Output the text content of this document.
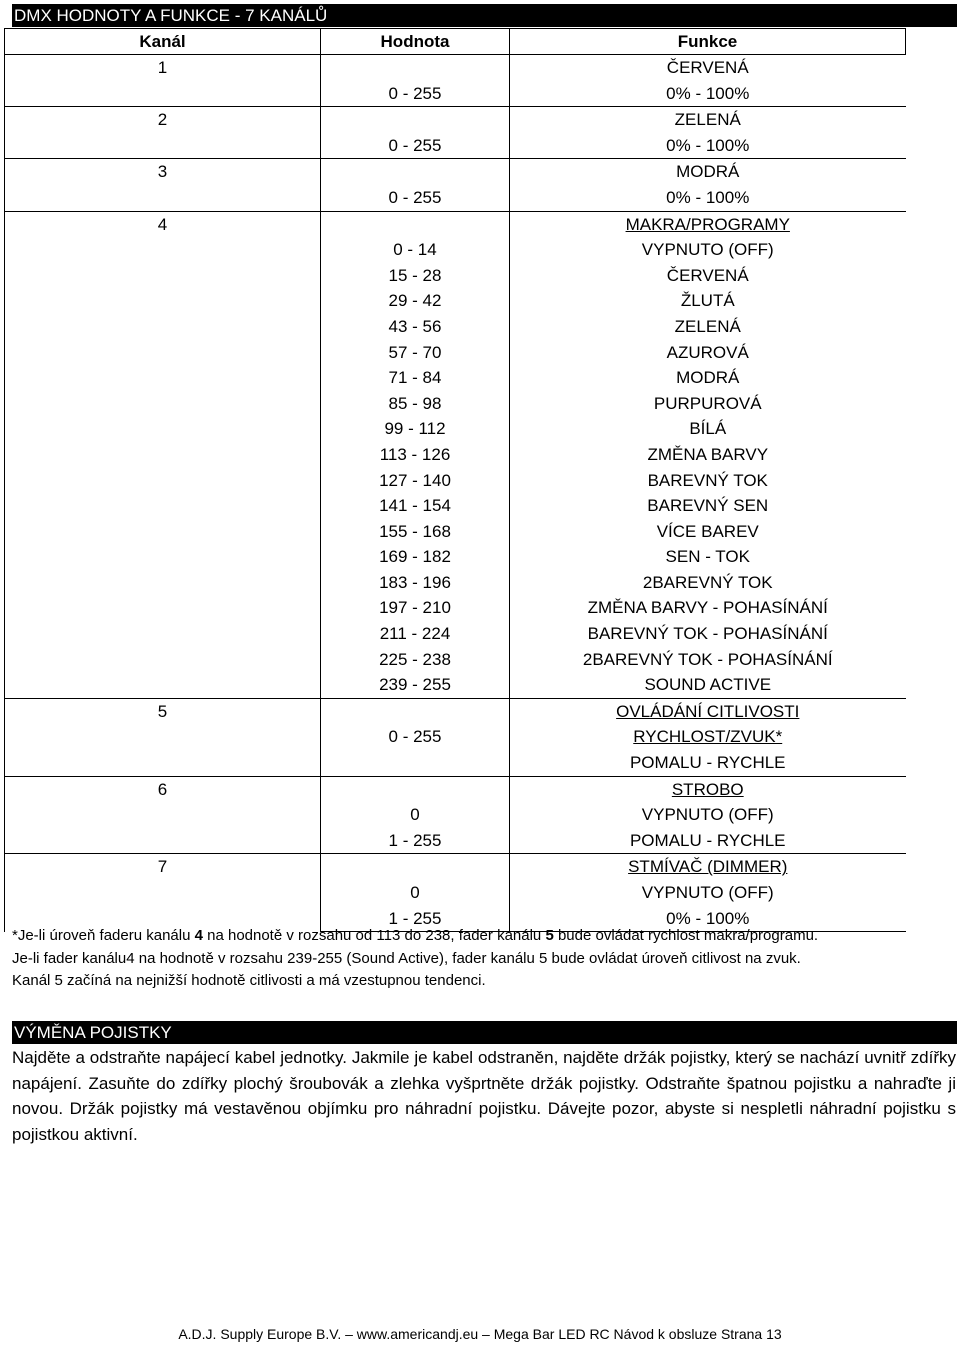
DMX HODNOTY A FUNKCE - 7 KANÁLŮ
Kanál	Hodnota	Funkce
1		ČERVENÁ
	0 - 255	0% - 100%
2		ZELENÁ
	0 - 255	0% - 100%
3		MODRÁ
	0 - 255	0% - 100%
4		MAKRA/PROGRAMY
	0 - 14	VYPNUTO (OFF)
	15 - 28	ČERVENÁ
	29 - 42	ŽLUTÁ
	43 - 56	ZELENÁ
	57 - 70	AZUROVÁ
	71 - 84	MODRÁ
	85 - 98	PURPUROVÁ
	99 - 112	BÍLÁ
	113 - 126	ZMĚNA BARVY
	127 - 140	BAREVNÝ TOK
	141 - 154	BAREVNÝ SEN
	155 - 168	VÍCE BAREV
	169 - 182	SEN - TOK
	183 - 196	2BAREVNÝ TOK
	197 - 210	ZMĚNA BARVY - POHASÍNÁNÍ
	211 - 224	BAREVNÝ TOK - POHASÍNÁNÍ
	225 - 238	2BAREVNÝ TOK - POHASÍNÁNÍ
	239 - 255	SOUND ACTIVE
5	0 - 255	OVLÁDÁNÍ CITLIVOSTI
		RYCHLOST/ZVUK*
		POMALU - RYCHLE
6		STROBO
	0	VYPNUTO (OFF)
	1 - 255	POMALU - RYCHLE
7		STMÍVAČ (DIMMER)
	0	VYPNUTO (OFF)
	1 - 255	0% - 100%
*Je-li úroveň faderu kanálu 4 na hodnotě v rozsahu od 113 do 238, fader kanálu 5 bude ovládat rychlost makra/programu.
Je-li fader kanálu4 na hodnotě v rozsahu 239-255 (Sound Active), fader kanálu 5 bude ovládat úroveň citlivost na zvuk.
Kanál 5 začíná na nejnižší hodnotě citlivosti a má vzestupnou tendenci.
VÝMĚNA POJISTKY
Najděte a odstraňte napájecí kabel jednotky. Jakmile je kabel odstraněn, najděte držák pojistky, který se nachází uvnitř zdířky napájení. Zasuňte do zdířky plochý šroubovák a zlehka vyšprtněte držák pojistky. Odstraňte špatnou pojistku a nahraďte ji novou. Držák pojistky má vestavěnou objímku pro náhradní pojistku. Dávejte pozor, abyste si nespletli náhradní pojistku s pojistkou aktivní.
A.D.J. Supply Europe B.V. – www.americandj.eu – Mega Bar LED RC Návod k obsluze Strana 13
